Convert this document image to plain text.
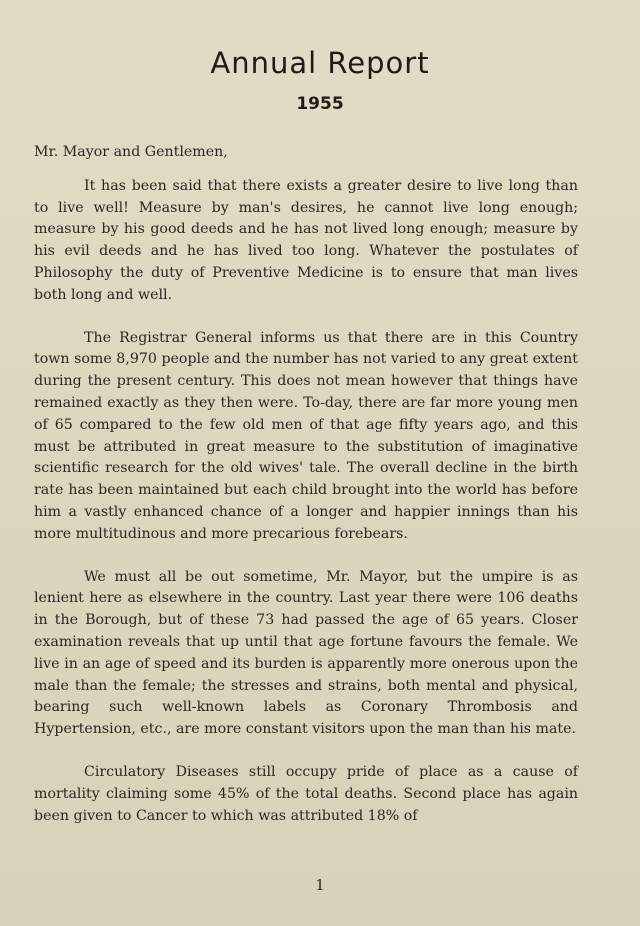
Annual Report
1955

Mr. Mayor and Gentlemen,

It has been said that there exists a greater desire to live long than to live well! Measure by man's desires, he cannot live long enough; measure by his good deeds and he has not lived long enough; measure by his evil deeds and he has lived too long. Whatever the postulates of Philosophy the duty of Preventive Medicine is to ensure that man lives both long and well.

The Registrar General informs us that there are in this Country town some 8,970 people and the number has not varied to any great extent during the present century. This does not mean however that things have remained exactly as they then were. To-day, there are far more young men of 65 compared to the few old men of that age fifty years ago, and this must be attributed in great measure to the substitution of imaginative scientific research for the old wives' tale. The overall decline in the birth rate has been maintained but each child brought into the world has before him a vastly enhanced chance of a longer and happier innings than his more multitudinous and more precarious forebears.

We must all be out sometime, Mr. Mayor, but the umpire is as lenient here as elsewhere in the country. Last year there were 106 deaths in the Borough, but of these 73 had passed the age of 65 years. Closer examination reveals that up until that age fortune favours the female. We live in an age of speed and its burden is apparently more onerous upon the male than the female; the stresses and strains, both mental and physical, bearing such well-known labels as Coronary Thrombosis and Hypertension, etc., are more constant visitors upon the man than his mate.

Circulatory Diseases still occupy pride of place as a cause of mortality claiming some 45% of the total deaths. Second place has again been given to Cancer to which was attributed 18% of

1
